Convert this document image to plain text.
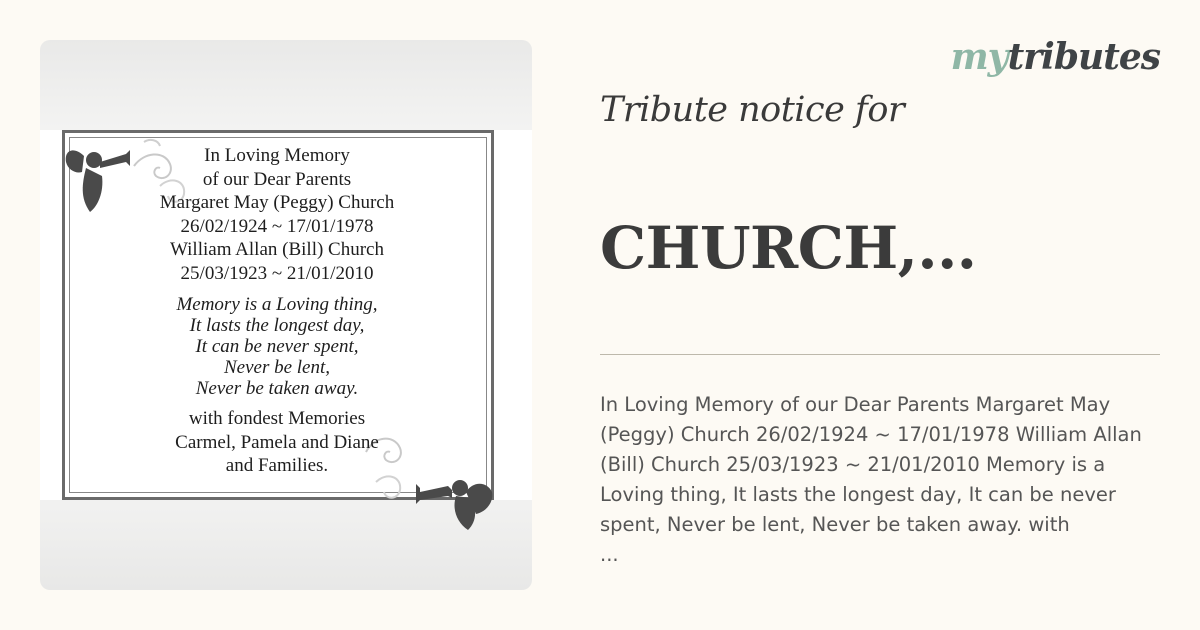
In Loving Memory
of our Dear Parents
Margaret May (Peggy) Church
26/02/1924 ~ 17/01/1978
William Allan (Bill) Church
25/03/1923 ~ 21/01/2010
Memory is a Loving thing,
It lasts the longest day,
It can be never spent,
Never be lent,
Never be taken away.
with fondest Memories
Carmel, Pamela and Diane
and Families.
mytributes
Tribute notice for
CHURCH,...
In Loving Memory of our Dear Parents Margaret May (Peggy) Church 26/02/1924 ~ 17/01/1978 William Allan (Bill) Church 25/03/1923 ~ 21/01/2010 Memory is a Loving thing, It lasts the longest day, It can be never spent, Never be lent, Never be taken away. with
...
